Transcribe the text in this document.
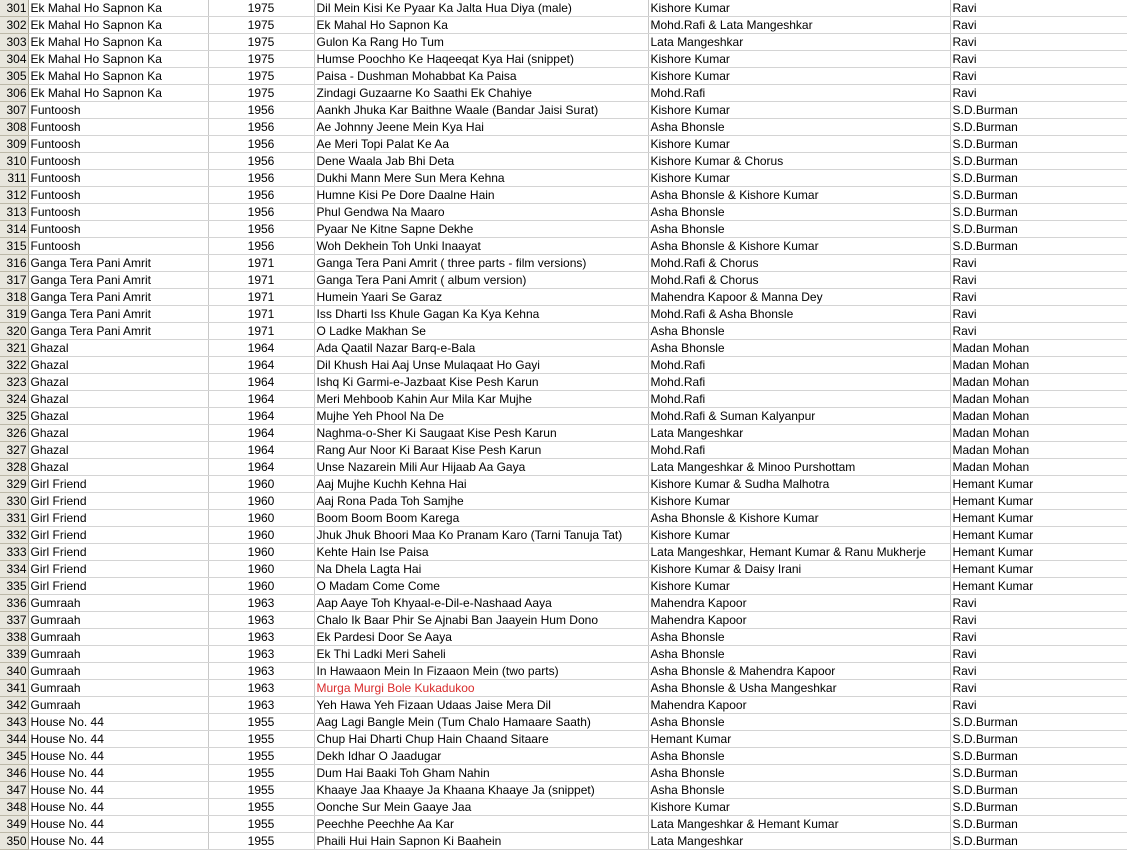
301	Ek Mahal Ho Sapnon Ka	1975	Dil Mein Kisi Ke Pyaar Ka Jalta Hua Diya (male)	Kishore Kumar	Ravi
302	Ek Mahal Ho Sapnon Ka	1975	Ek Mahal Ho Sapnon Ka	Mohd.Rafi & Lata Mangeshkar	Ravi
303	Ek Mahal Ho Sapnon Ka	1975	Gulon Ka Rang Ho Tum	Lata Mangeshkar	Ravi
304	Ek Mahal Ho Sapnon Ka	1975	Humse Poochho Ke Haqeeqat Kya Hai (snippet)	Kishore Kumar	Ravi
305	Ek Mahal Ho Sapnon Ka	1975	Paisa - Dushman Mohabbat Ka Paisa	Kishore Kumar	Ravi
306	Ek Mahal Ho Sapnon Ka	1975	Zindagi Guzaarne Ko Saathi Ek Chahiye	Mohd.Rafi	Ravi
307	Funtoosh	1956	Aankh Jhuka Kar Baithne Waale (Bandar Jaisi Surat)	Kishore Kumar	S.D.Burman
308	Funtoosh	1956	Ae Johnny Jeene Mein Kya Hai	Asha Bhonsle	S.D.Burman
309	Funtoosh	1956	Ae Meri Topi Palat Ke Aa	Kishore Kumar	S.D.Burman
310	Funtoosh	1956	Dene Waala Jab Bhi Deta	Kishore Kumar & Chorus	S.D.Burman
311	Funtoosh	1956	Dukhi Mann Mere Sun Mera Kehna	Kishore Kumar	S.D.Burman
312	Funtoosh	1956	Humne Kisi Pe Dore Daalne Hain	Asha Bhonsle & Kishore Kumar	S.D.Burman
313	Funtoosh	1956	Phul Gendwa Na Maaro	Asha Bhonsle	S.D.Burman
314	Funtoosh	1956	Pyaar Ne Kitne Sapne Dekhe	Asha Bhonsle	S.D.Burman
315	Funtoosh	1956	Woh Dekhein Toh Unki Inaayat	Asha Bhonsle & Kishore Kumar	S.D.Burman
316	Ganga Tera Pani Amrit	1971	Ganga Tera Pani Amrit ( three parts - film versions)	Mohd.Rafi & Chorus	Ravi
317	Ganga Tera Pani Amrit	1971	Ganga Tera Pani Amrit ( album version)	Mohd.Rafi & Chorus	Ravi
318	Ganga Tera Pani Amrit	1971	Humein Yaari Se Garaz	Mahendra Kapoor & Manna Dey	Ravi
319	Ganga Tera Pani Amrit	1971	Iss Dharti Iss Khule Gagan Ka Kya Kehna	Mohd.Rafi & Asha Bhonsle	Ravi
320	Ganga Tera Pani Amrit	1971	O Ladke Makhan Se	Asha Bhonsle	Ravi
321	Ghazal	1964	Ada Qaatil Nazar Barq-e-Bala	Asha Bhonsle	Madan Mohan
322	Ghazal	1964	Dil Khush Hai Aaj Unse Mulaqaat Ho Gayi	Mohd.Rafi	Madan Mohan
323	Ghazal	1964	Ishq Ki Garmi-e-Jazbaat Kise Pesh Karun	Mohd.Rafi	Madan Mohan
324	Ghazal	1964	Meri Mehboob Kahin Aur Mila Kar Mujhe	Mohd.Rafi	Madan Mohan
325	Ghazal	1964	Mujhe Yeh Phool Na De	Mohd.Rafi & Suman Kalyanpur	Madan Mohan
326	Ghazal	1964	Naghma-o-Sher Ki Saugaat Kise Pesh Karun	Lata Mangeshkar	Madan Mohan
327	Ghazal	1964	Rang Aur Noor Ki Baraat Kise Pesh Karun	Mohd.Rafi	Madan Mohan
328	Ghazal	1964	Unse Nazarein Mili Aur Hijaab Aa Gaya	Lata Mangeshkar & Minoo Purshottam	Madan Mohan
329	Girl Friend	1960	Aaj Mujhe Kuchh Kehna Hai	Kishore Kumar & Sudha Malhotra	Hemant Kumar
330	Girl Friend	1960	Aaj Rona Pada Toh Samjhe	Kishore Kumar	Hemant Kumar
331	Girl Friend	1960	Boom Boom Boom Karega	Asha Bhonsle & Kishore Kumar	Hemant Kumar
332	Girl Friend	1960	Jhuk Jhuk Bhoori Maa Ko Pranam Karo (Tarni Tanuja Tat)	Kishore Kumar	Hemant Kumar
333	Girl Friend	1960	Kehte Hain Ise Paisa	Lata Mangeshkar, Hemant Kumar & Ranu Mukherje	Hemant Kumar
334	Girl Friend	1960	Na Dhela Lagta Hai	Kishore Kumar & Daisy Irani	Hemant Kumar
335	Girl Friend	1960	O Madam Come Come	Kishore Kumar	Hemant Kumar
336	Gumraah	1963	Aap Aaye Toh Khyaal-e-Dil-e-Nashaad Aaya	Mahendra Kapoor	Ravi
337	Gumraah	1963	Chalo Ik Baar Phir Se Ajnabi Ban Jaayein Hum Dono	Mahendra Kapoor	Ravi
338	Gumraah	1963	Ek Pardesi Door Se Aaya	Asha Bhonsle	Ravi
339	Gumraah	1963	Ek Thi Ladki Meri Saheli	Asha Bhonsle	Ravi
340	Gumraah	1963	In Hawaaon Mein In Fizaaon Mein (two parts)	Asha Bhonsle & Mahendra Kapoor	Ravi
341	Gumraah	1963	Murga Murgi Bole Kukadukoo	Asha Bhonsle & Usha Mangeshkar	Ravi
342	Gumraah	1963	Yeh Hawa Yeh Fizaan Udaas Jaise Mera Dil	Mahendra Kapoor	Ravi
343	House No. 44	1955	Aag Lagi Bangle Mein (Tum Chalo Hamaare Saath)	Asha Bhonsle	S.D.Burman
344	House No. 44	1955	Chup Hai Dharti Chup Hain Chaand Sitaare	Hemant Kumar	S.D.Burman
345	House No. 44	1955	Dekh Idhar O Jaadugar	Asha Bhonsle	S.D.Burman
346	House No. 44	1955	Dum Hai Baaki Toh Gham Nahin	Asha Bhonsle	S.D.Burman
347	House No. 44	1955	Khaaye Jaa Khaaye Ja Khaana Khaaye Ja (snippet)	Asha Bhonsle	S.D.Burman
348	House No. 44	1955	Oonche Sur Mein Gaaye Jaa	Kishore Kumar	S.D.Burman
349	House No. 44	1955	Peechhe Peechhe Aa Kar	Lata Mangeshkar & Hemant Kumar	S.D.Burman
350	House No. 44	1955	Phaili Hui Hain Sapnon Ki Baahein	Lata Mangeshkar	S.D.Burman
